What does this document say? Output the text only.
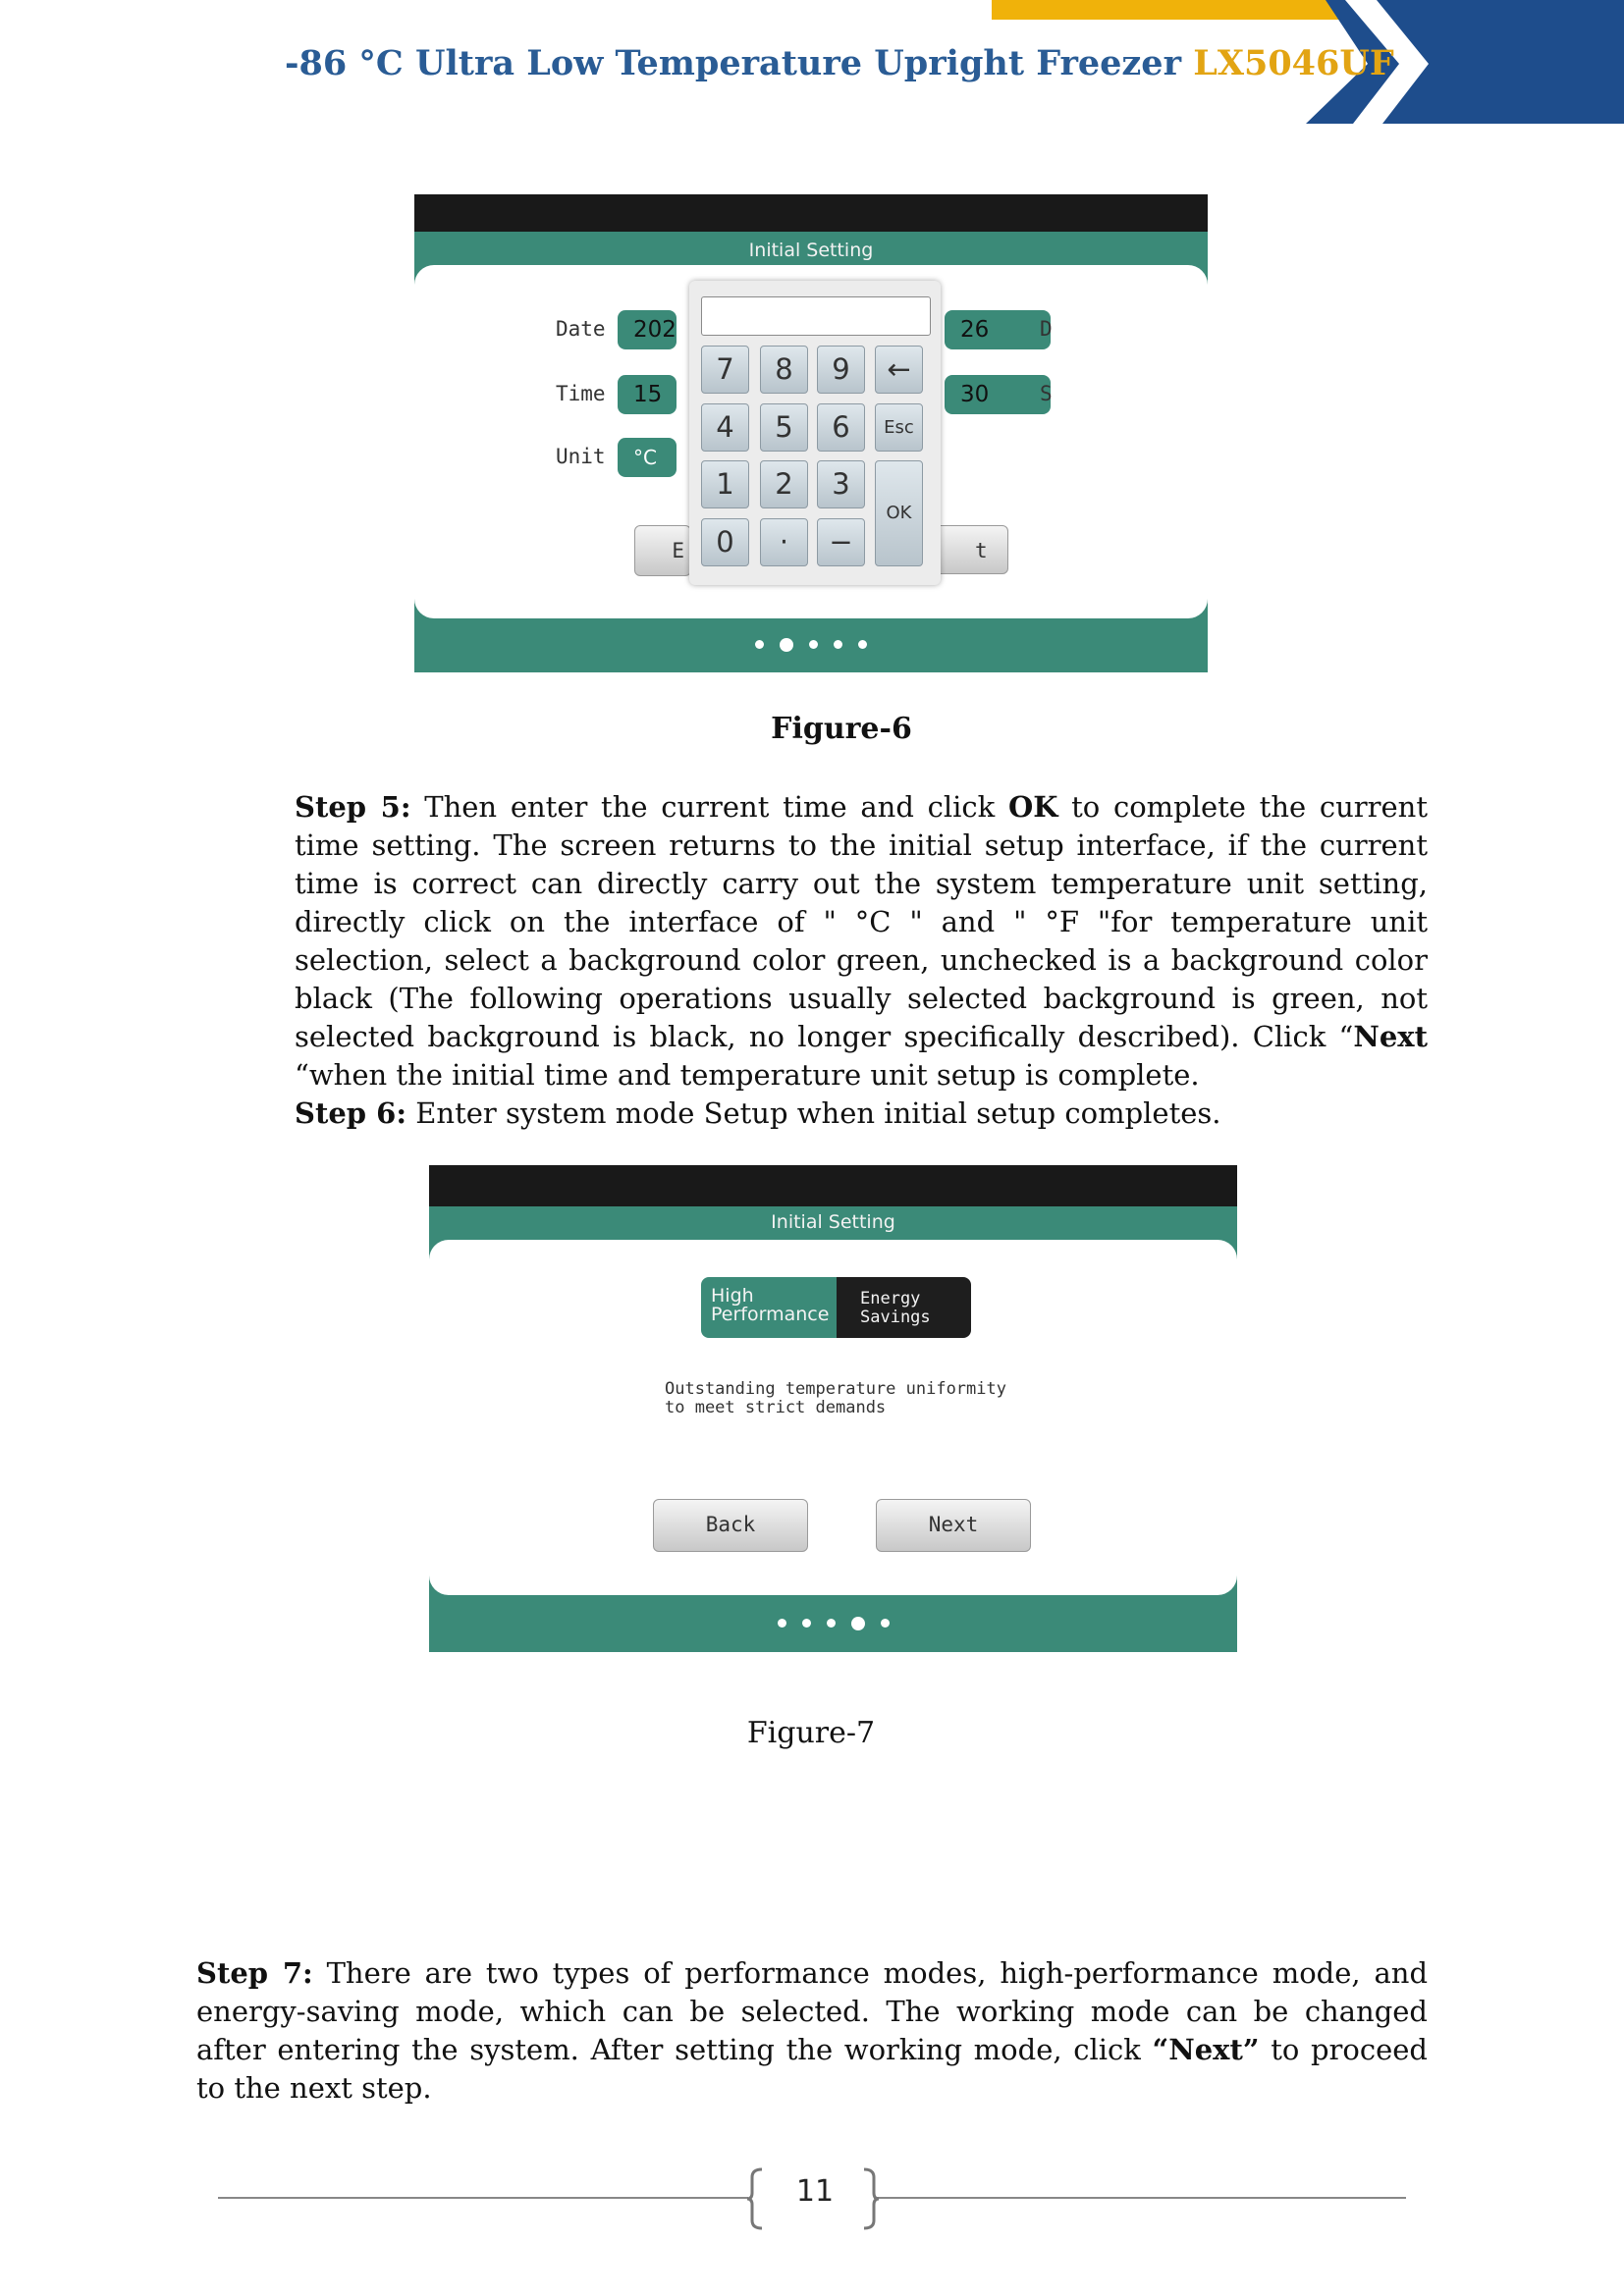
-86 °C Ultra Low Temperature Upright Freezer LX5046UF
Initial Setting
Date	202	26	D
Time	15	30	S
Unit	°C
E	t
7	8	9	←
4	5	6	Esc
1	2	3
OK
0	·	−
Figure-6

Step 5: Then enter the current time and click OK to complete the current time setting. The screen returns to the initial setup interface, if the current time is correct can directly carry out the system temperature unit setting, directly click on the interface of " °C " and " °F "for temperature unit selection, select a background color green, unchecked is a background color black (The following operations usually selected background is green, not selected background is black, no longer specifically described). Click “Next “when the initial time and temperature unit setup is complete.

Step 6: Enter system mode Setup when initial setup completes.

Initial Setting
High
Performance
Energy
Savings
Outstanding temperature uniformity
to meet strict demands
Back	Next
Figure-7

Step 7: There are two types of performance modes, high-performance mode, and energy-saving mode, which can be selected. The working mode can be changed after entering the system. After setting the working mode, click “Next” to proceed to the next step.

11
